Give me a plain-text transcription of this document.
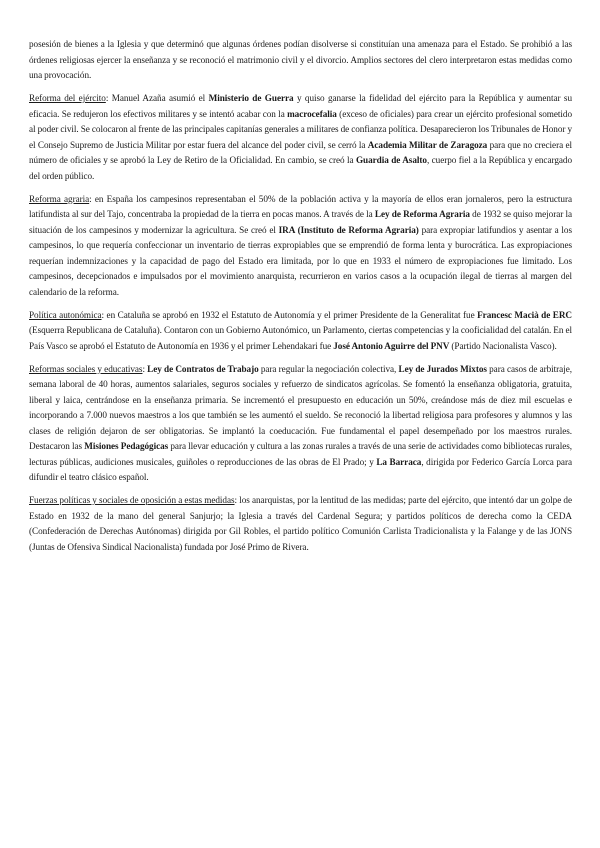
posesión de bienes a la Iglesia y que determinó que algunas órdenes podían disolverse si constituían una amenaza para el Estado. Se prohibió a las órdenes religiosas ejercer la enseñanza y se reconoció el matrimonio civil y el divorcio. Amplios sectores del clero interpretaron estas medidas como una provocación.

Reforma del ejército: Manuel Azaña asumió el Ministerio de Guerra y quiso ganarse la fidelidad del ejército para la República y aumentar su eficacia. Se redujeron los efectivos militares y se intentó acabar con la macrocefalia (exceso de oficiales) para crear un ejército profesional sometido al poder civil. Se colocaron al frente de las principales capitanías generales a militares de confianza política. Desaparecieron los Tribunales de Honor y el Consejo Supremo de Justicia Militar por estar fuera del alcance del poder civil, se cerró la Academia Militar de Zaragoza para que no creciera el número de oficiales y se aprobó la Ley de Retiro de la Oficialidad. En cambio, se creó la Guardia de Asalto, cuerpo fiel a la República y encargado del orden público.

Reforma agraria: en España los campesinos representaban el 50% de la población activa y la mayoría de ellos eran jornaleros, pero la estructura latifundista al sur del Tajo, concentraba la propiedad de la tierra en pocas manos. A través de la Ley de Reforma Agraria de 1932 se quiso mejorar la situación de los campesinos y modernizar la agricultura. Se creó el IRA (Instituto de Reforma Agraria) para expropiar latifundios y asentar a los campesinos, lo que requería confeccionar un inventario de tierras expropiables que se emprendió de forma lenta y burocrática. Las expropiaciones requerían indemnizaciones y la capacidad de pago del Estado era limitada, por lo que en 1933 el número de expropiaciones fue limitado. Los campesinos, decepcionados e impulsados por el movimiento anarquista, recurrieron en varios casos a la ocupación ilegal de tierras al margen del calendario de la reforma.

Política autonómica: en Cataluña se aprobó en 1932 el Estatuto de Autonomía y el primer Presidente de la Generalitat fue Francesc Macià de ERC (Esquerra Republicana de Cataluña). Contaron con un Gobierno Autonómico, un Parlamento, ciertas competencias y la cooficialidad del catalán. En el País Vasco se aprobó el Estatuto de Autonomía en 1936 y el primer Lehendakari fue José Antonio Aguirre del PNV (Partido Nacionalista Vasco).

Reformas sociales y educativas: Ley de Contratos de Trabajo para regular la negociación colectiva, Ley de Jurados Mixtos para casos de arbitraje, semana laboral de 40 horas, aumentos salariales, seguros sociales y refuerzo de sindicatos agrícolas. Se fomentó la enseñanza obligatoria, gratuita, liberal y laica, centrándose en la enseñanza primaria. Se incrementó el presupuesto en educación un 50%, creándose más de diez mil escuelas e incorporando a 7.000 nuevos maestros a los que también se les aumentó el sueldo. Se reconoció la libertad religiosa para profesores y alumnos y las clases de religión dejaron de ser obligatorias. Se implantó la coeducación. Fue fundamental el papel desempeñado por los maestros rurales. Destacaron las Misiones Pedagógicas para llevar educación y cultura a las zonas rurales a través de una serie de actividades como bibliotecas rurales, lecturas públicas, audiciones musicales, guiñoles o reproducciones de las obras de El Prado; y La Barraca, dirigida por Federico García Lorca para difundir el teatro clásico español.

Fuerzas políticas y sociales de oposición a estas medidas: los anarquistas, por la lentitud de las medidas; parte del ejército, que intentó dar un golpe de Estado en 1932 de la mano del general Sanjurjo; la Iglesia a través del Cardenal Segura; y partidos políticos de derecha como la CEDA (Confederación de Derechas Autónomas) dirigida por Gil Robles, el partido político Comunión Carlista Tradicionalista y la Falange y de las JONS (Juntas de Ofensiva Sindical Nacionalista) fundada por José Primo de Rivera.
